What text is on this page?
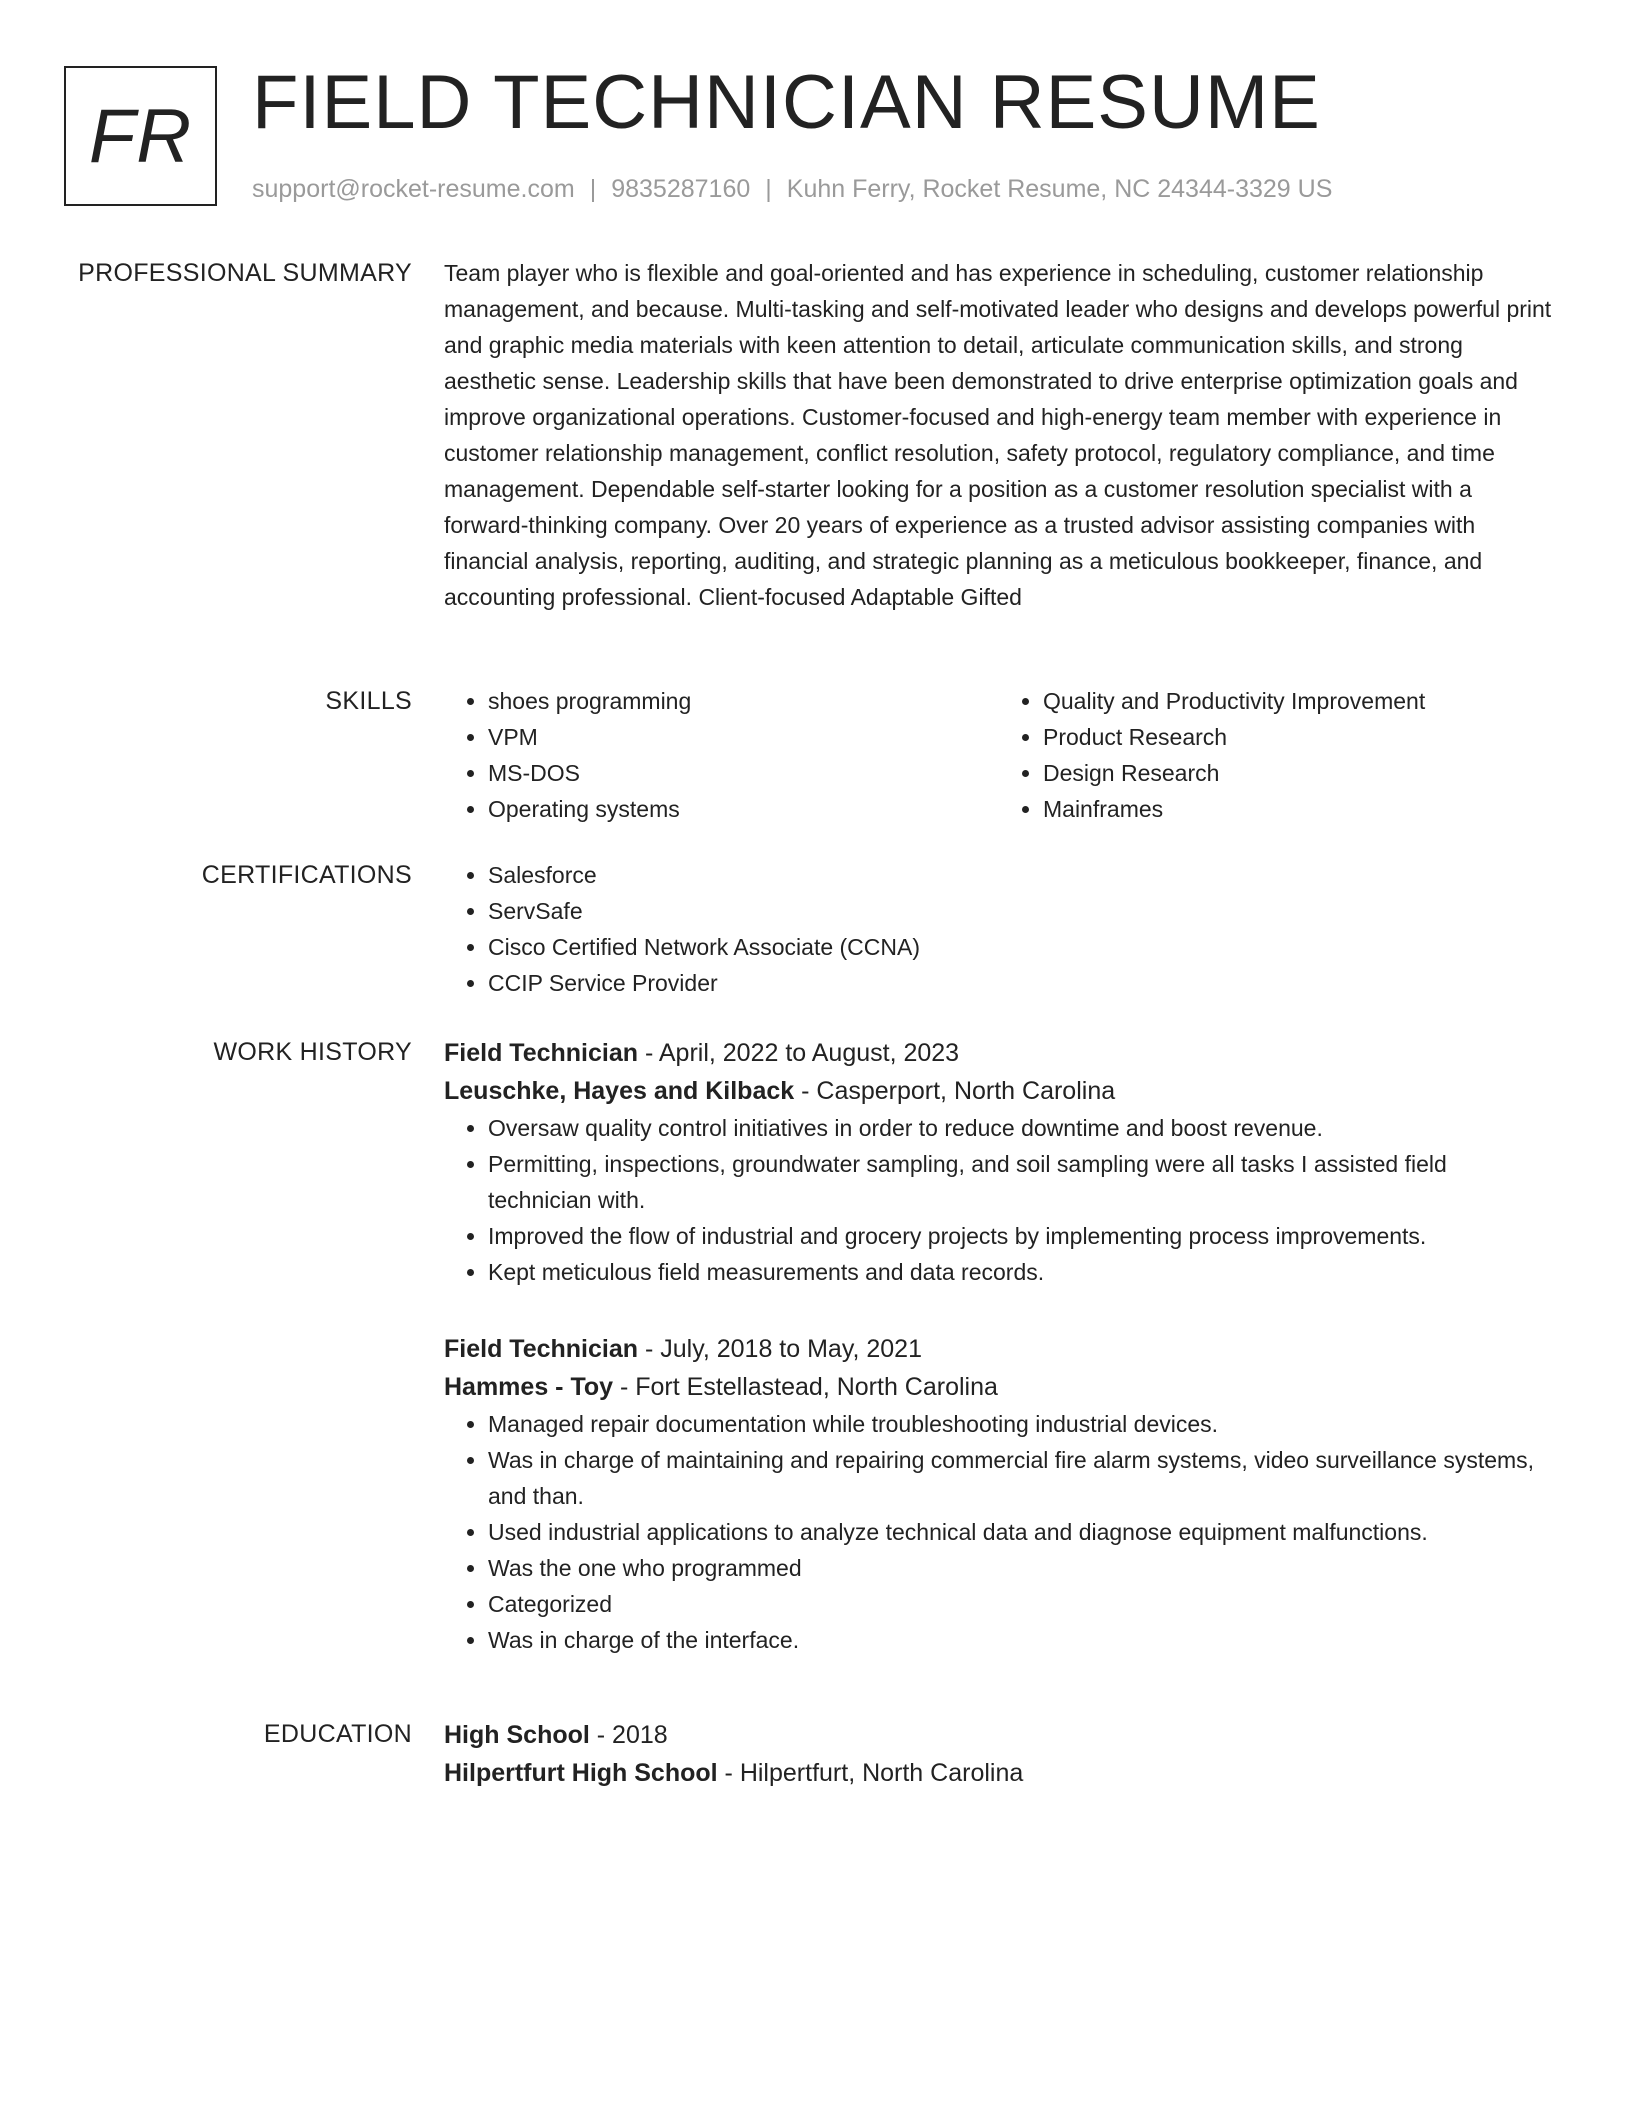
FR FIELD TECHNICIAN RESUME
support@rocket-resume.com | 9835287160 | Kuhn Ferry, Rocket Resume, NC 24344-3329 US
PROFESSIONAL SUMMARY Team player who is flexible and goal-oriented and has experience in scheduling, customer relationship management, and because. Multi-tasking and self-motivated leader who designs and develops powerful print and graphic media materials with keen attention to detail, articulate communication skills, and strong aesthetic sense. Leadership skills that have been demonstrated to drive enterprise optimization goals and improve organizational operations. Customer-focused and high-energy team member with experience in customer relationship management, conflict resolution, safety protocol, regulatory compliance, and time management. Dependable self-starter looking for a position as a customer resolution specialist with a forward-thinking company. Over 20 years of experience as a trusted advisor assisting companies with financial analysis, reporting, auditing, and strategic planning as a meticulous bookkeeper, finance, and accounting professional. Client-focused Adaptable Gifted

SKILLS	• shoes programming
• VPM
• MS-DOS
• Operating systems
• Quality and Productivity Improvement
• Product Research
• Design Research
• Mainframes
CERTIFICATIONS	• Salesforce
• ServSafe
• Cisco Certified Network Associate (CCNA)
• CCIP Service Provider
WORK HISTORY Field Technician - April, 2022 to August, 2023
Leuschke, Hayes and Kilback - Casperport, North Carolina
• Oversaw quality control initiatives in order to reduce downtime and boost revenue.
• Permitting, inspections, groundwater sampling, and soil sampling were all tasks I assisted field technician with.
• Improved the flow of industrial and grocery projects by implementing process improvements.
• Kept meticulous field measurements and data records.
Field Technician - July, 2018 to May, 2021
Hammes - Toy - Fort Estellastead, North Carolina
• Managed repair documentation while troubleshooting industrial devices.
• Was in charge of maintaining and repairing commercial fire alarm systems, video surveillance systems, and than.
• Used industrial applications to analyze technical data and diagnose equipment malfunctions.
• Was the one who programmed
• Categorized
• Was in charge of the interface.
EDUCATION High School - 2018
Hilpertfurt High School - Hilpertfurt, North Carolina
